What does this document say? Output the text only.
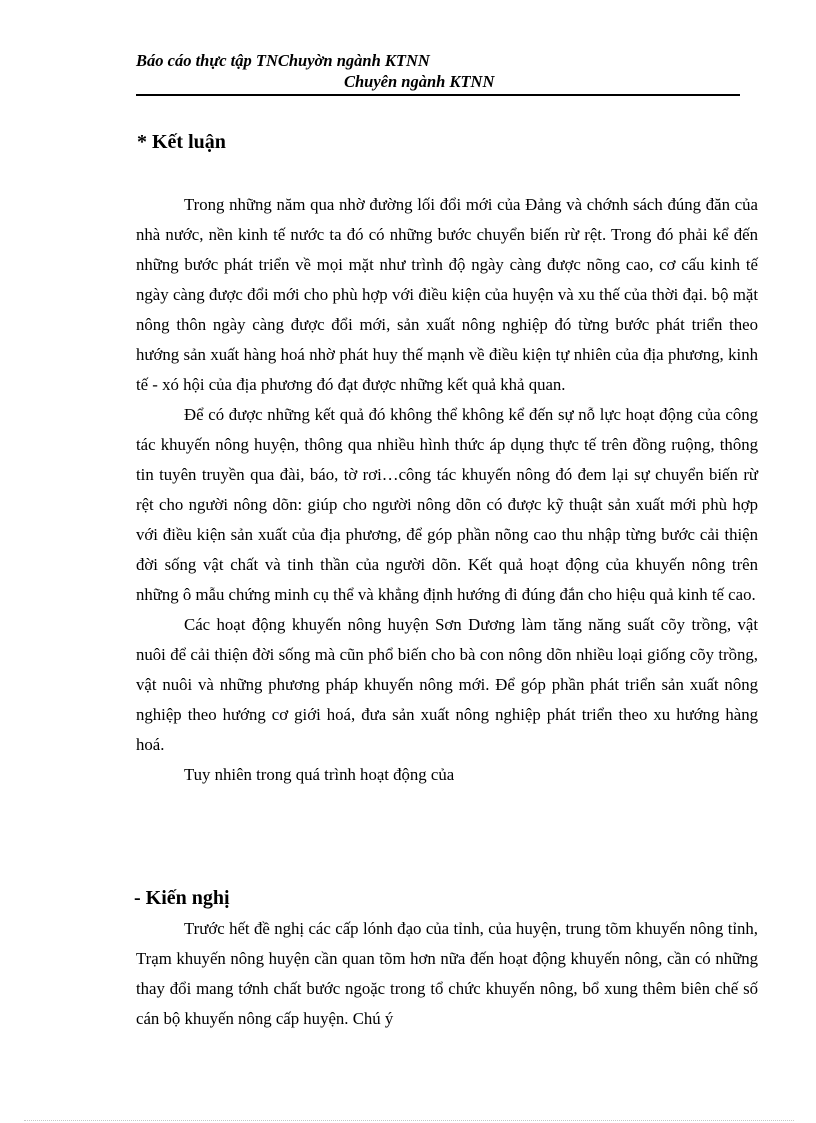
Báo cáo thực tập TNChuyờn ngành KTNN
Chuyên ngành KTNN
* Kết luận

Trong những năm qua nhờ đường lối đổi mới của Đảng và chớnh sách đúng đăn của nhà nước, nền kinh tế nước ta đó có những bước chuyển biến rừ rệt. Trong đó phải kể đến những bước phát triển về mọi mặt như trình độ ngày càng được nõng cao, cơ cấu kinh tế ngày càng được đổi mới cho phù hợp với điều kiện của huyện và xu thế của thời đại. bộ mặt nông thôn ngày càng được đổi mới, sản xuất nông nghiệp đó từng bước phát triển theo hướng sản xuất hàng hoá nhờ phát huy thế mạnh về điều kiện tự nhiên của địa phương, kinh tế - xó hội của địa phương đó đạt được những kết quả khả quan.

Để có được những kết quả đó không thể không kể đến sự nỗ lực hoạt động của công tác khuyến nông huyện, thông qua nhiều hình thức áp dụng thực tế trên đồng ruộng, thông tin tuyên truyền qua đài, báo, tờ rơi…công tác khuyến nông đó đem lại sự chuyển biến rừ rệt cho người nông dõn: giúp cho người nông dõn có được kỹ thuật sản xuất mới phù hợp với điều kiện sản xuất của địa phương, để góp phần nõng cao thu nhập từng bước cải thiện đời sống vật chất và tinh thần của người dõn. Kết quả hoạt động của khuyến nông trên những ô mẫu chứng minh cụ thể và khẳng định hướng đi đúng đắn cho hiệu quả kinh tế cao.

Các hoạt động khuyến nông huyện Sơn Dương làm tăng năng suất cõy trồng, vật nuôi để cải thiện đời sống mà cũn phổ biến cho bà con nông dõn nhiều loại giống cõy trồng, vật nuôi và những phương pháp khuyến nông mới. Để góp phần phát triển sản xuất nông nghiệp theo hướng cơ giới hoá, đưa sản xuất nông nghiệp phát triển theo xu hướng hàng hoá.

Tuy nhiên trong quá trình hoạt động của

- Kiến nghị

Trước hết đề nghị các cấp lónh đạo của tỉnh, của huyện, trung tõm khuyến nông tỉnh, Trạm khuyến nông huyện cần quan tõm hơn nữa đến hoạt động khuyến nông, cần có những thay đổi mang tớnh chất bước ngoặc trong tổ chức khuyến nông, bổ xung thêm biên chế số cán bộ khuyến nông cấp huyện. Chú ý
